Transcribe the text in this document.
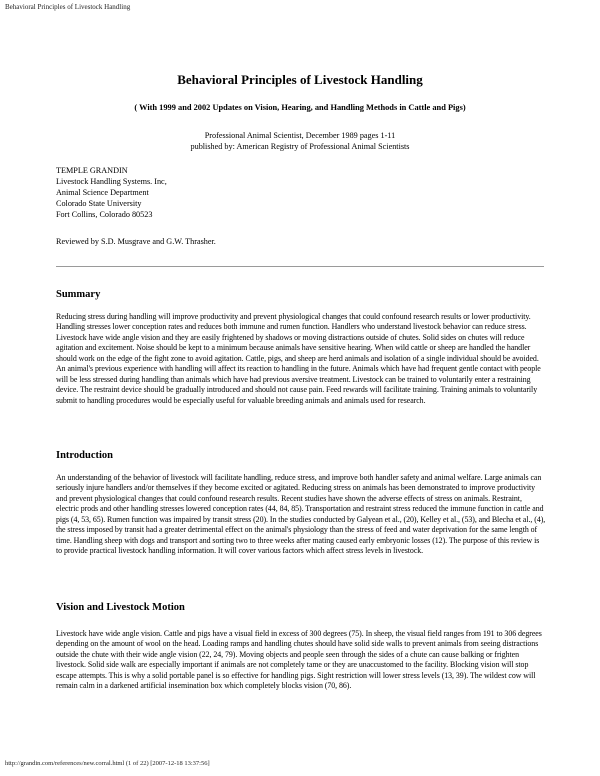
Behavioral Principles of Livestock Handling
Behavioral Principles of Livestock Handling
( With 1999 and 2002 Updates on Vision, Hearing, and Handling Methods in Cattle and Pigs)
Professional Animal Scientist, December 1989 pages 1-11
published by: American Registry of Professional Animal Scientists
TEMPLE GRANDIN
Livestock Handling Systems. Inc,
Animal Science Department
Colorado State University
Fort Collins, Colorado 80523
Reviewed by S.D. Musgrave and G.W. Thrasher.
Summary

Reducing stress during handling will improve productivity and prevent physiological changes that could confound research results or lower productivity. Handling stresses lower conception rates and reduces both immune and rumen function. Handlers who understand livestock behavior can reduce stress. Livestock have wide angle vision and they are easily frightened by shadows or moving distractions outside of chutes. Solid sides on chutes will reduce agitation and excitement. Noise should be kept to a minimum because animals have sensitive hearing. When wild cattle or sheep are handled the handler should work on the edge of the fight zone to avoid agitation. Cattle, pigs, and sheep are herd animals and isolation of a single individual should be avoided. An animal's previous experience with handling will affect its reaction to handling in the future. Animals which have had frequent gentle contact with people will be less stressed during handling than animals which have had previous aversive treatment. Livestock can be trained to voluntarily enter a restraining device. The restraint device should be gradually introduced and should not cause pain. Feed rewards will facilitate training. Training animals to voluntarily submit to handling procedures would be especially useful for valuable breeding animals and animals used for research.

Introduction

An understanding of the behavior of livestock will facilitate handling, reduce stress, and improve both handler safety and animal welfare. Large animals can seriously injure handlers and/or themselves if they become excited or agitated. Reducing stress on animals has been demonstrated to improve productivity and prevent physiological changes that could confound research results. Recent studies have shown the adverse effects of stress on animals. Restraint, electric prods and other handling stresses lowered conception rates (44, 84, 85). Transportation and restraint stress reduced the immune function in cattle and pigs (4, 53, 65). Rumen function was impaired by transit stress (20). In the studies conducted by Galyean et al., (20), Kelley et al., (53), and Blecha et al., (4), the stress imposed by transit had a greater detrimental effect on the animal's physiology than the stress of feed and water deprivation for the same length of time. Handling sheep with dogs and transport and sorting two to three weeks after mating caused early embryonic losses (12). The purpose of this review is to provide practical livestock handling information. It will cover various factors which affect stress levels in livestock.

Vision and Livestock Motion

Livestock have wide angle vision. Cattle and pigs have a visual field in excess of 300 degrees (75). In sheep, the visual field ranges from 191 to 306 degrees depending on the amount of wool on the head. Loading ramps and handling chutes should have solid side walls to prevent animals from seeing distractions outside the chute with their wide angle vision (22, 24, 79). Moving objects and people seen through the sides of a chute can cause balking or frighten livestock. Solid side walk are especially important if animals are not completely tame or they are unaccustomed to the facility. Blocking vision will stop escape attempts. This is why a solid portable panel is so effective for handling pigs. Sight restriction will lower stress levels (13, 39). The wildest cow will remain calm in a darkened artificial insemination box which completely blocks vision (70, 86).

http://grandin.com/references/new.corral.html (1 of 22) [2007-12-18 13:37:56]
